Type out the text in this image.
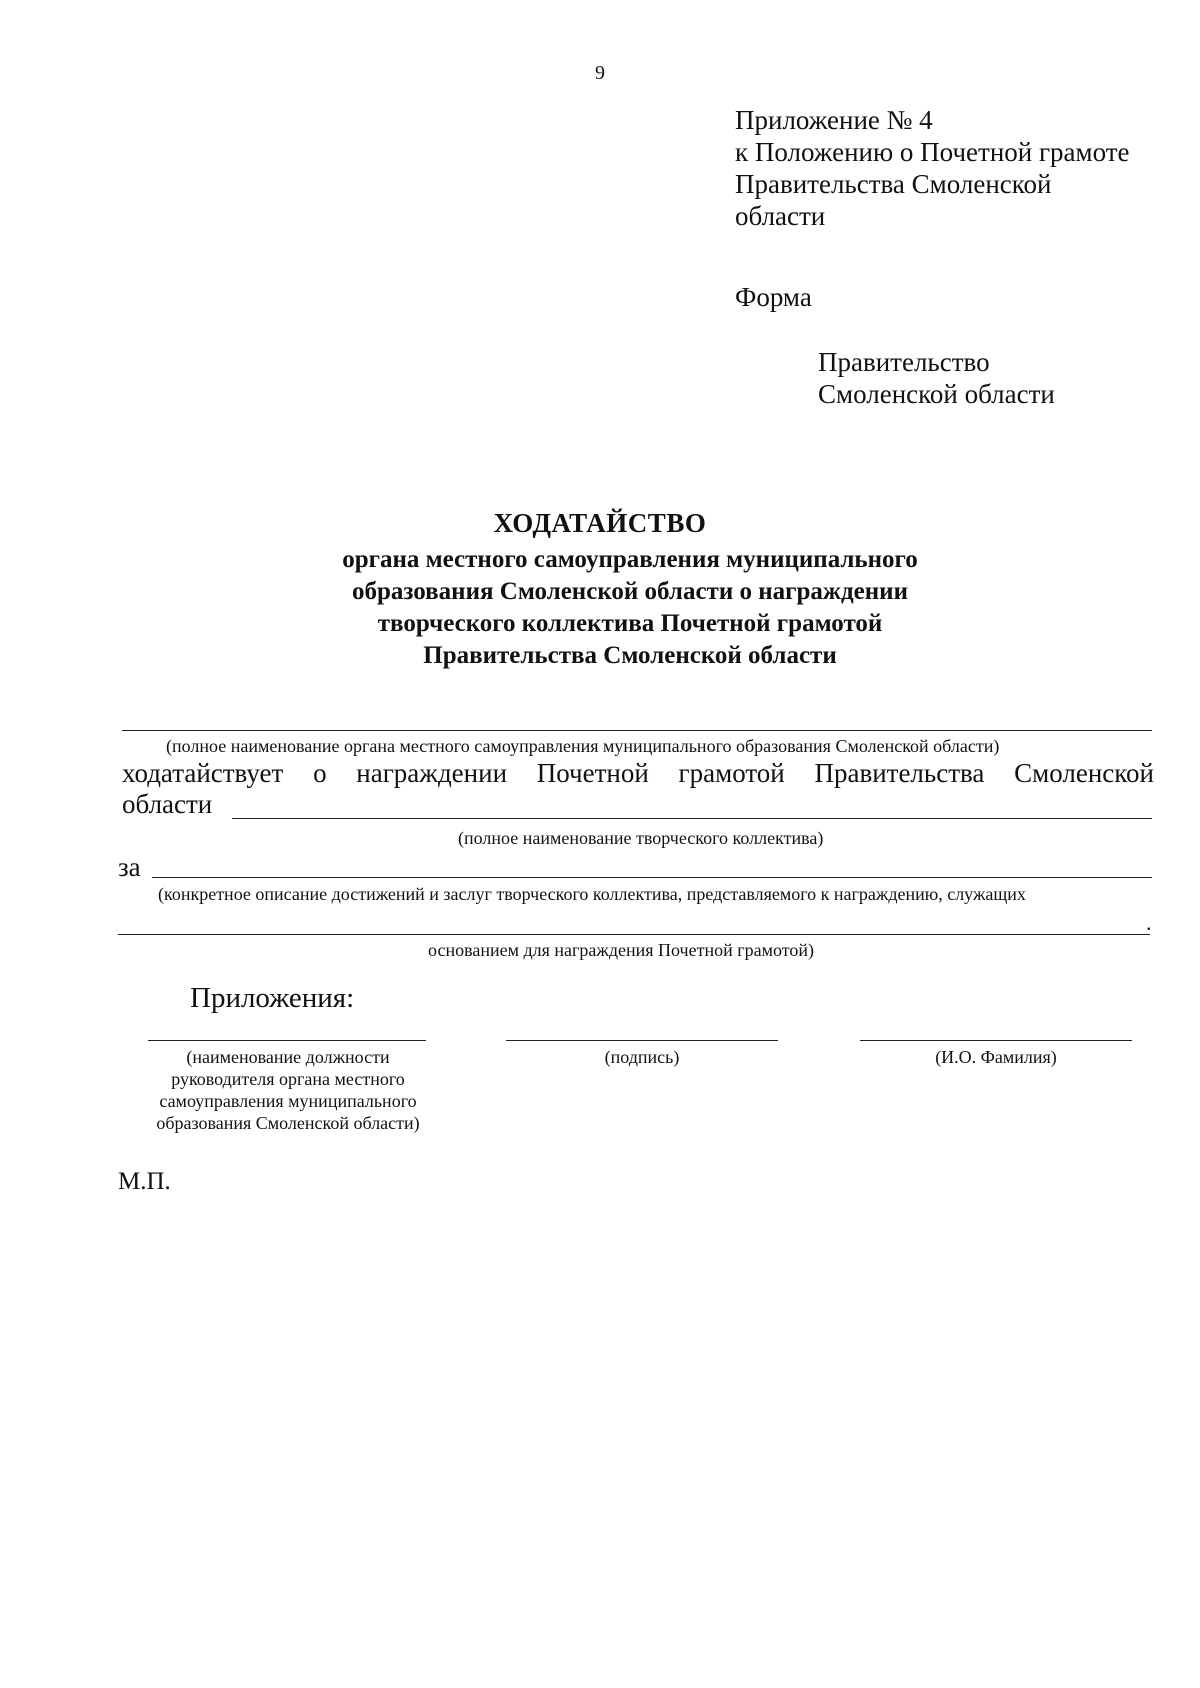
9
Приложение № 4
к Положению о Почетной грамоте
Правительства Смоленской
области
Форма
Правительство
Смоленской области
ХОДАТАЙСТВО
органа местного самоуправления муниципального
образования Смоленской области о награждении
творческого коллектива Почетной грамотой
Правительства Смоленской области
(полное наименование органа местного самоуправления муниципального образования Смоленской области)
ходатайствует о награждении Почетной грамотой Правительства Смоленской
области
(полное наименование творческого коллектива)
за
(конкретное описание достижений и заслуг творческого коллектива, представляемого к награждению, служащих
.
основанием для награждения Почетной грамотой)
Приложения:
(наименование должности
руководителя органа местного
самоуправления муниципального
образования Смоленской области)
(подпись)	(И.О. Фамилия)
М.П.
